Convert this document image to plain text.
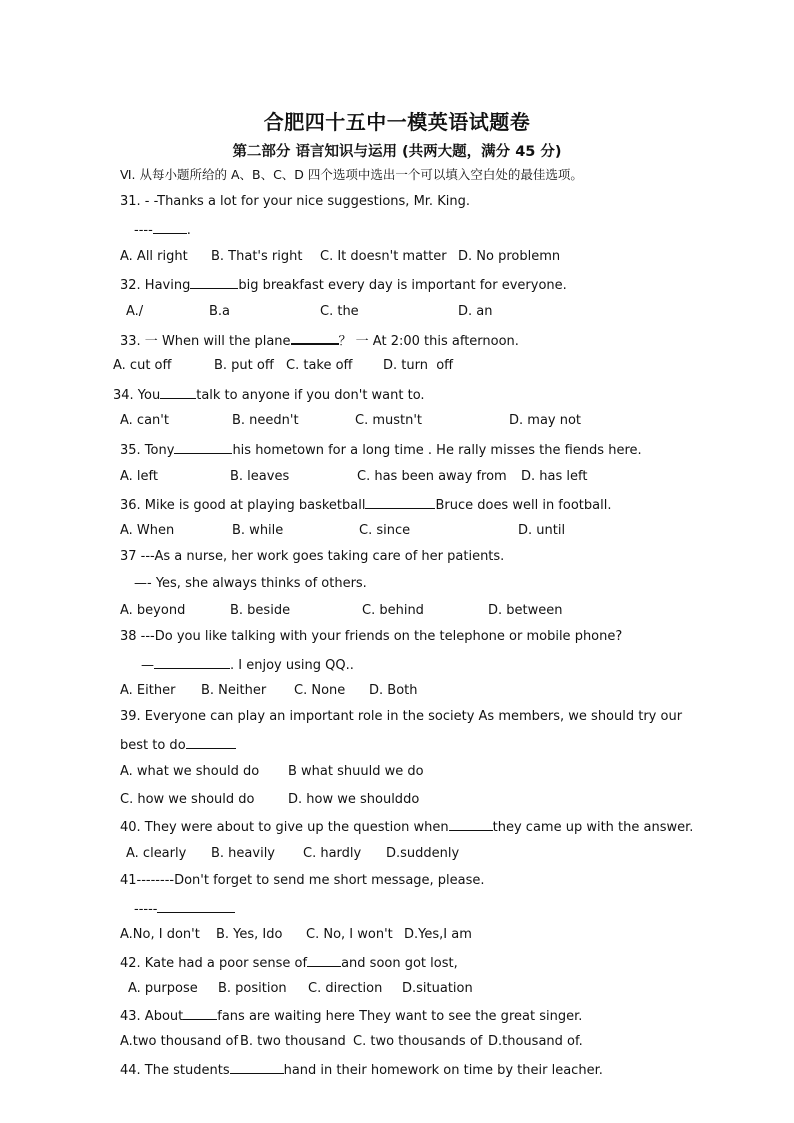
合肥四十五中一模英语试题卷
第二部分 语言知识与运用 (共两大题，满分 45 分)
Ⅵ. 从每小题所给的 A、B、C、D 四个选项中选出一个可以填入空白处的最佳选项。
31. - -Thanks a lot for your nice suggestions, Mr. King.
----	.
A. All right B. That's right C. It doesn't matter D. No problemn
32. Having	big breakfast every day is important for everyone.
A./	B.a	C. the	D. an
33. 一 When will the plane	？ 一 At 2:00 this afternoon.
A. cut off	B. put off C. take off D. turn  off
34. You	talk to anyone if you don't want to.
A. can't	B. needn't	C. mustn't	D. may not
35. Tony	his hometown for a long time . He rally misses the fiends here.
A. left	B. leaves	C. has been away from D. has left
36. Mike is good at playing basketball	Bruce does well in football.
A. When	B. while	C. since	D. until
37 ---As a nurse, her work goes taking care of her patients.
—- Yes, she always thinks of others.
A. beyond	B. beside	C. behind	D. between
38 ---Do you like talking with your friends on the telephone or mobile phone?
—	. I enjoy using QQ..
A. Either B. Neither C. None D. Both
39. Everyone can play an important role in the society As members, we should try our
best to do
A. what we should do B what shuuld we do
C. how we should do	D. how we shoulddo
40. They were about to give up the question when	they came up with the answer.
A. clearly B. heavily C. hardly D.suddenly
41--------Don't forget to send me short message, please.
-----
A.No, I don't B. Yes, Ido C. No, I won't D.Yes,I am
42. Kate had a poor sense of	and soon got lost,
A. purpose B. position C. direction D.situation
43. About	fans are waiting here They want to see the great singer.
A.two thousand of B. two thousand C. two thousands of D.thousand of.
44. The students	hand in their homework on time by their leacher.
